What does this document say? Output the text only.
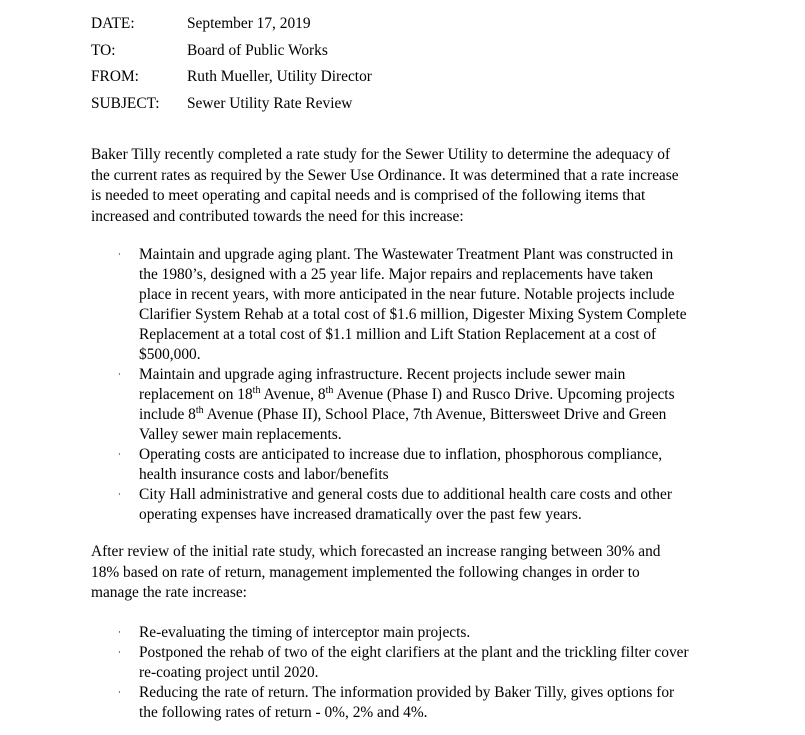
DATE:	September 17, 2019
TO:	Board of Public Works
FROM:	Ruth Mueller, Utility Director
SUBJECT: Sewer Utility Rate Review

Baker Tilly recently completed a rate study for the Sewer Utility to determine the adequacy of
the current rates as required by the Sewer Use Ordinance. It was determined that a rate increase
is needed to meet operating and capital needs and is comprised of the following items that
increased and contributed towards the need for this increase:

· Maintain and upgrade aging plant. The Wastewater Treatment Plant was constructed in
the 1980’s, designed with a 25 year life. Major repairs and replacements have taken
place in recent years, with more anticipated in the near future. Notable projects include
Clarifier System Rehab at a total cost of $1.6 million, Digester Mixing System Complete
Replacement at a total cost of $1.1 million and Lift Station Replacement at a cost of
$500,000.
· Maintain and upgrade aging infrastructure. Recent projects include sewer main
replacement on 18th Avenue, 8th Avenue (Phase I) and Rusco Drive. Upcoming projects
include 8th Avenue (Phase II), School Place, 7th Avenue, Bittersweet Drive and Green
Valley sewer main replacements.
· Operating costs are anticipated to increase due to inflation, phosphorous compliance,
health insurance costs and labor/benefits
· City Hall administrative and general costs due to additional health care costs and other
operating expenses have increased dramatically over the past few years.

After review of the initial rate study, which forecasted an increase ranging between 30% and
18% based on rate of return, management implemented the following changes in order to
manage the rate increase:

· Re-evaluating the timing of interceptor main projects.
· Postponed the rehab of two of the eight clarifiers at the plant and the trickling filter cover
re-coating project until 2020.
· Reducing the rate of return. The information provided by Baker Tilly, gives options for
the following rates of return - 0%, 2% and 4%.
